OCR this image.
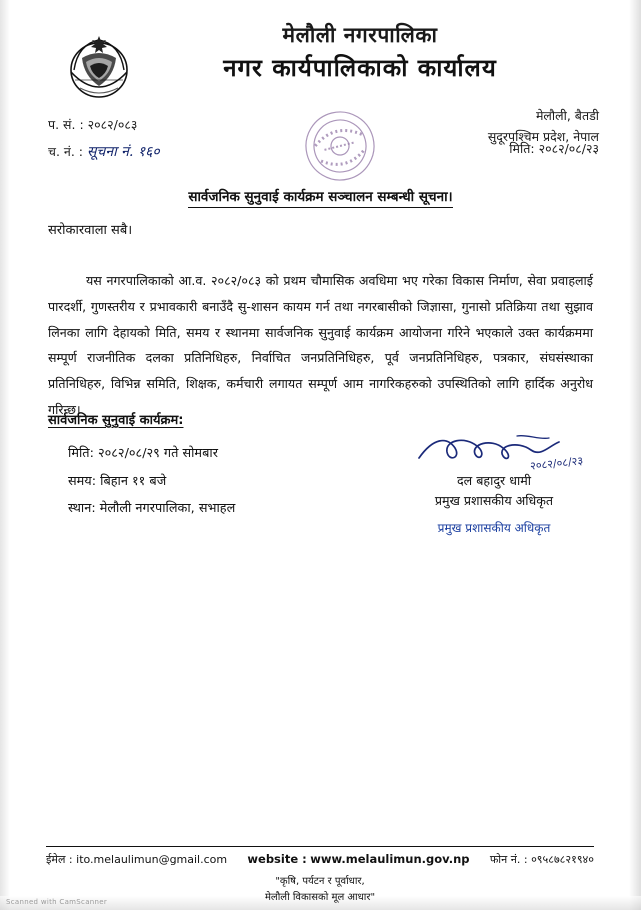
मेलौली नगरपालिका
नगर कार्यपालिकाको कार्यालय
मेलौली, बैतडी
सुदूरपश्चिम प्रदेश, नेपाल
प. सं. : २०८२/०८३
च. नं. : सूचना नं. १६०	मिति: २०८२/०८/२३
सार्वजनिक सुनुवाई कार्यक्रम सञ्चालन सम्बन्धी सूचना।
सरोकारवाला सबै।
यस नगरपालिकाको आ.व. २०८२/०८३ को प्रथम चौमासिक अवधिमा भए गरेका विकास निर्माण, सेवा प्रवाहलाई पारदर्शी, गुणस्तरीय र प्रभावकारी बनाउँदै सु-शासन कायम गर्न तथा नगरबासीको जिज्ञासा, गुनासो प्रतिक्रिया तथा सुझाव लिनका लागि देहायको मिति, समय र स्थानमा सार्वजनिक सुनुवाई कार्यक्रम आयोजना गरिने भएकाले उक्त कार्यक्रममा सम्पूर्ण राजनीतिक दलका प्रतिनिधिहरु, निर्वाचित जनप्रतिनिधिहरु, पूर्व जनप्रतिनिधिहरु, पत्रकार, संघसंस्थाका प्रतिनिधिहरु, विभिन्न समिति, शिक्षक, कर्मचारी लगायत सम्पूर्ण आम नागरिकहरुको उपस्थितिको लागि हार्दिक अनुरोध गरिन्छ।
सार्वजनिक सुनुवाई कार्यक्रम:
मिति: २०८२/०८/२९ गते सोमबार
समय: बिहान ११ बजे
स्थान: मेलौली नगरपालिका, सभाहल
२०८२/०८/२३
दल बहादुर धामी
प्रमुख प्रशासकीय अधिकृत
प्रमुख प्रशासकीय अधिकृत
ईमेल : ito.melaulimun@gmail.com	website : www.melaulimun.gov.np	फोन नं. : ०९५८७८२१९४०
"कृषि, पर्यटन र पूर्वाधार,
मेलौली विकासको मूल आधार"
Scanned with CamScanner
